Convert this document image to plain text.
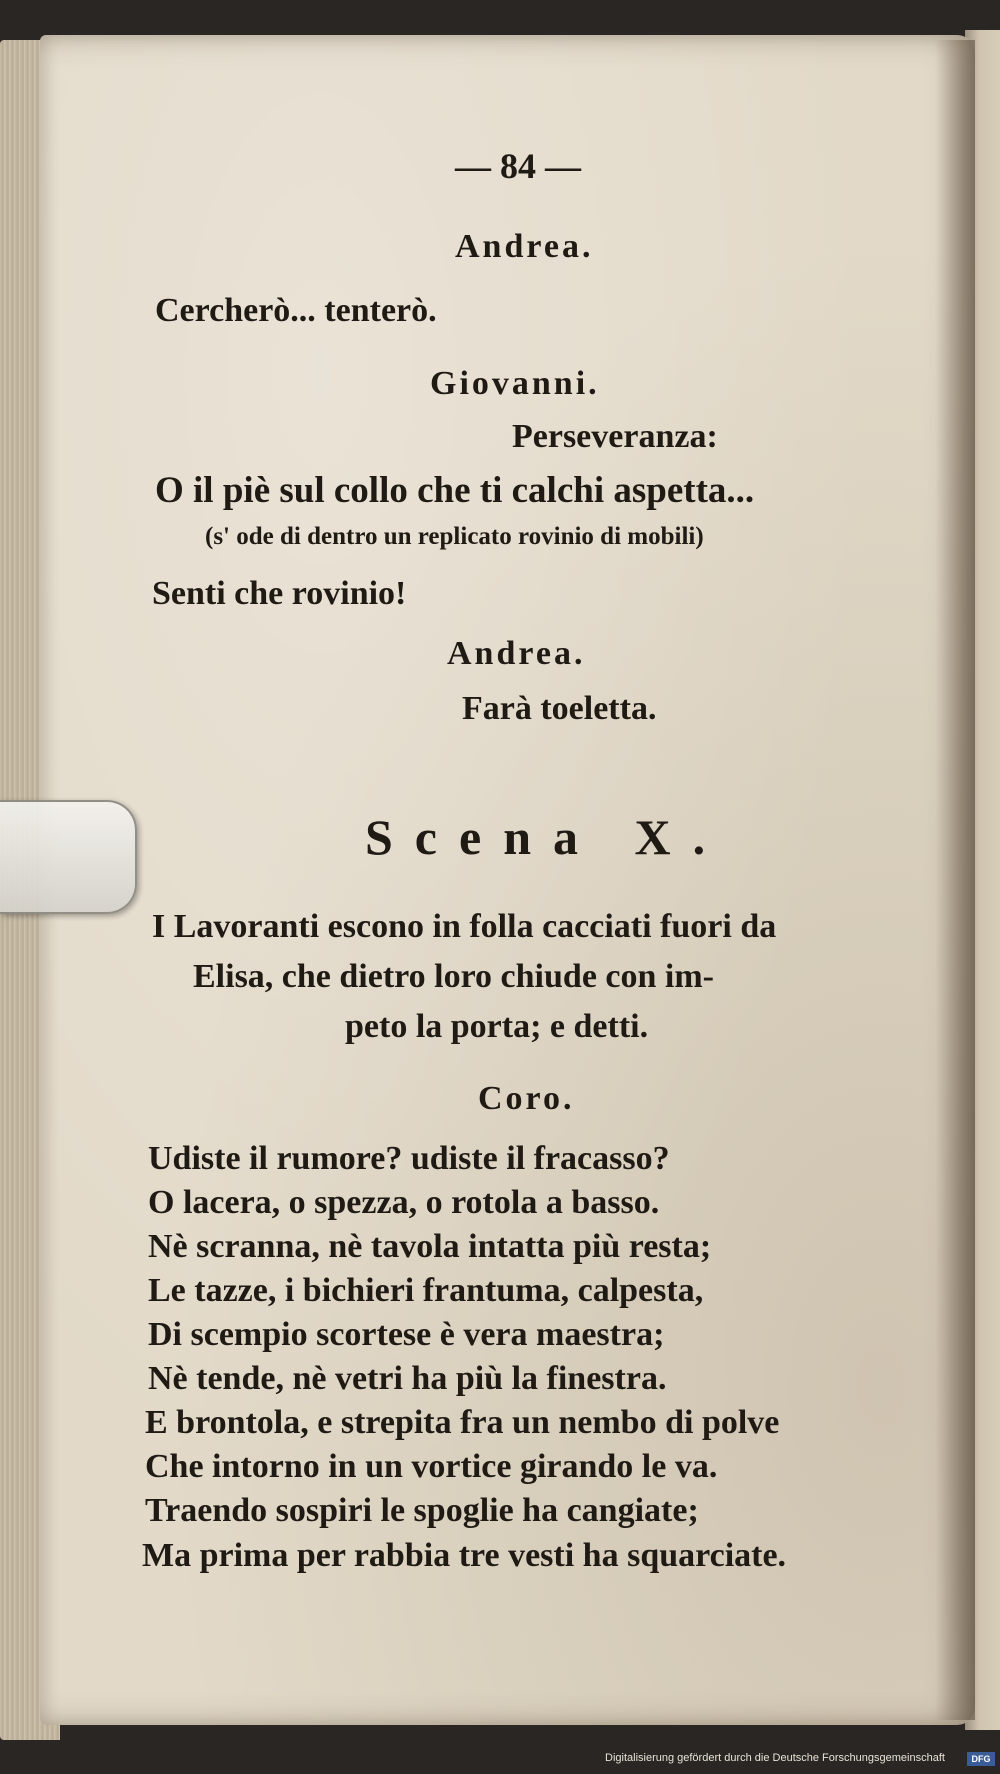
— 84 —
Andrea.
Cercherò... tenterò.
Giovanni.
Perseveranza:
O il piè sul collo che ti calchi aspetta...
(s' ode di dentro un replicato rovinio di mobili)
Senti che rovinio!
Andrea.
Farà toeletta.
Scena X.
I Lavoranti escono in folla cacciati fuori da
Elisa, che dietro loro chiude con im-
peto la porta; e detti.
Coro.
Udiste il rumore? udiste il fracasso?
O lacera, o spezza, o rotola a basso.
Nè scranna, nè tavola intatta più resta;
Le tazze, i bichieri frantuma, calpesta,
Di scempio scortese è vera maestra;
Nè tende, nè vetri ha più la finestra.
E brontola, e strepita fra un nembo di polve
Che intorno in un vortice girando le va.
Traendo sospiri le spoglie ha cangiate;
Ma prima per rabbia tre vesti ha squarciate.
Digitalisierung gefördert durch die Deutsche Forschungsgemeinschaft	DFG
